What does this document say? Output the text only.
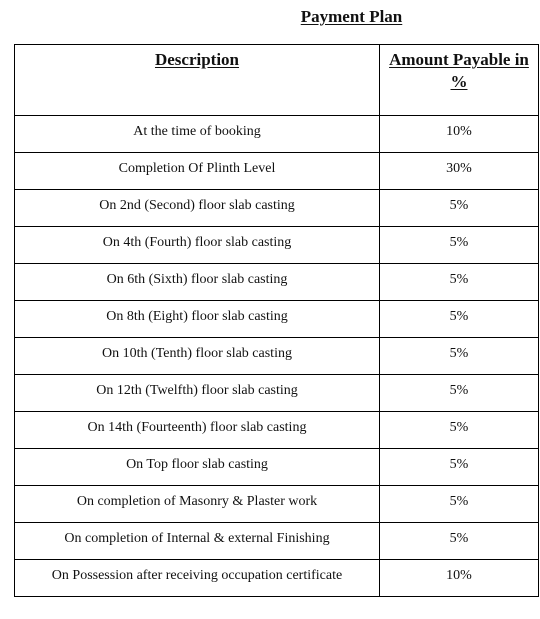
Payment Plan
Description	Amount Payable in %
At the time of booking	10%
Completion Of Plinth Level	30%
On 2nd (Second) floor slab casting	5%
On 4th (Fourth) floor slab casting	5%
On 6th (Sixth) floor slab casting	5%
On 8th (Eight) floor slab casting	5%
On 10th (Tenth) floor slab casting	5%
On 12th (Twelfth) floor slab casting	5%
On 14th (Fourteenth) floor slab casting	5%
On Top floor slab casting	5%
On completion of Masonry & Plaster work	5%
On completion of Internal & external Finishing	5%
On Possession after receiving occupation certificate	10%
